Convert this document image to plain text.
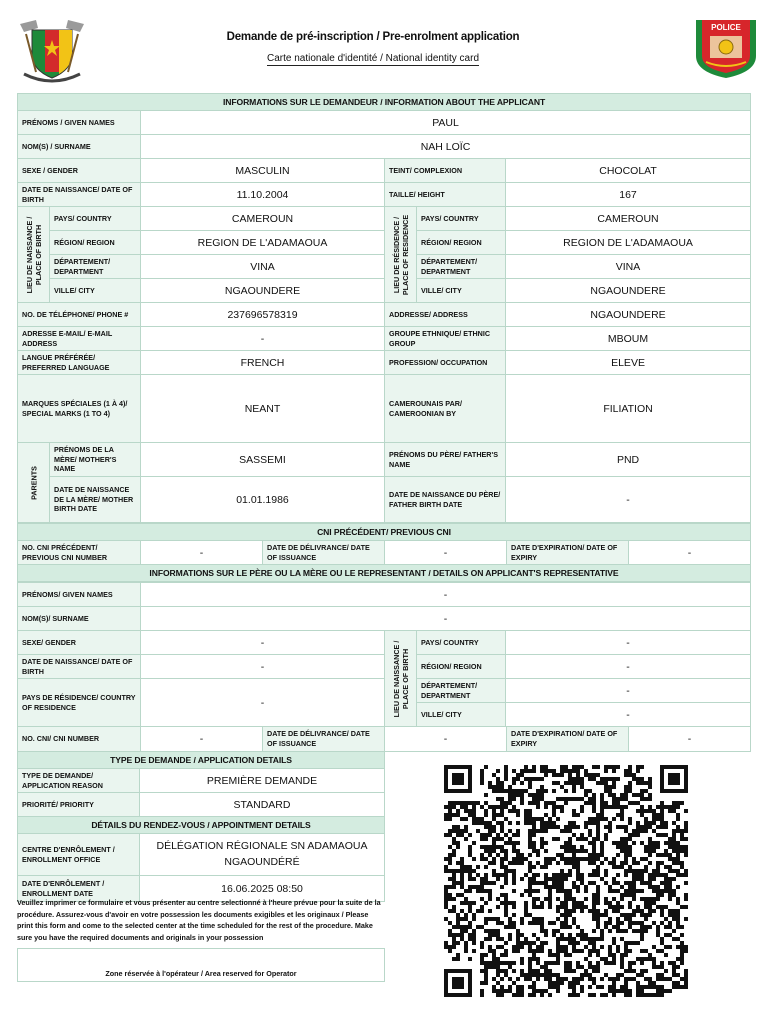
Demande de pré-inscription / Pre-enrolment application
Carte nationale d'identité / National identity card
POLICE
INFORMATIONS SUR LE DEMANDEUR / INFORMATION ABOUT THE APPLICANT					
PRÉNOMS / GIVEN NAMES		PAUL			
NOM(S) / SURNAME		NAH LOÏC			
SEXE / GENDER		MASCULIN	TEINT/ COMPLEXION		CHOCOLAT
DATE DE NAISSANCE/ DATE OF BIRTH		11.10.2004	TAILLE/ HEIGHT		167

LIEU DE NAISSANCE / PLACE OF BIRTH	PAYS/ COUNTRY	CAMEROUN	LIEU DE RÉSIDENCE / PLACE OF RESIDENCE	PAYS/ COUNTRY	CAMEROUN
	RÉGION/ REGION	REGION DE L'ADAMAOUA		RÉGION/ REGION	REGION DE L'ADAMAOUA
	DÉPARTEMENT/ DEPARTMENT	VINA		DÉPARTEMENT/ DEPARTMENT	VINA
	VILLE/ CITY	NGAOUNDERE		VILLE/ CITY	NGAOUNDERE
NO. DE TÉLÉPHONE/ PHONE #		237696578319	ADDRESSE/ ADDRESS		NGAOUNDERE
ADRESSE E-MAIL/ E-MAIL ADDRESS		-	GROUPE ETHNIQUE/ ETHNIC GROUP		MBOUM
LANGUE PRÉFÉRÉE/ PREFERRED LANGUAGE		FRENCH	PROFESSION/ OCCUPATION		ELEVE
MARQUES SPÉCIALES (1 À 4)/ SPECIAL MARKS (1 TO 4)		NEANT	CAMEROUNAIS PAR/ CAMEROONIAN BY		FILIATION

PARENTS	PRÉNOMS DE LA MÈRE/ MOTHER'S NAME	SASSEMI	PRÉNOMS DU PÈRE/ FATHER'S NAME		PND
	DATE DE NAISSANCE DE LA MÈRE/ MOTHER BIRTH DATE	01.01.1986	DATE DE NAISSANCE DU PÈRE/ FATHER BIRTH DATE		-
CNI PRÉCÉDENT/ PREVIOUS CNI
NO. CNI PRÉCÉDENT/ PREVIOUS CNI NUMBER	-	DATE DE DÉLIVRANCE/ DATE OF ISSUANCE	-	DATE D'EXPIRATION/ DATE OF EXPIRY	-
INFORMATIONS SUR LE PÈRE OU LA MÈRE OU LE REPRESENTANT / DETAILS ON APPLICANT'S REPRESENTATIVE
PRÉNOMS/ GIVEN NAMES	-			
NOM(S)/ SURNAME	-			
SEXE/ GENDER	-	LIEU DE NAISSANCE / PLACE OF BIRTH	PAYS/ COUNTRY	-
DATE DE NAISSANCE/ DATE OF BIRTH	-		RÉGION/ REGION	-
PAYS DE RÉSIDENCE/ COUNTRY OF RESIDENCE	-		DÉPARTEMENT/ DEPARTMENT	-
			VILLE/ CITY	-
NO. CNI/ CNI NUMBER	-	DATE DE DÉLIVRANCE/ DATE OF ISSUANCE	-	DATE D'EXPIRATION/ DATE OF EXPIRY	-
TYPE DE DEMANDE / APPLICATION DETAILS	
TYPE DE DEMANDE/ APPLICATION REASON	PREMIÈRE DEMANDE
PRIORITÉ/ PRIORITY	STANDARD
DÉTAILS DU RENDEZ-VOUS / APPOINTMENT DETAILS	
CENTRE D'ENRÔLEMENT / ENROLLMENT OFFICE	DÉLÉGATION RÉGIONALE SN ADAMAOUA NGAOUNDÉRÉ
DATE D'ENRÔLEMENT / ENROLLMENT DATE	16.06.2025 08:50
Veuillez imprimer ce formulaire et vous présenter au centre selectionné à l'heure prévue pour la suite de la procédure. Assurez-vous d'avoir en votre possession les documents exigibles et les originaux / Please print this form and come to the selected center at the time scheduled for the rest of the procedure. Make sure you have the required documents and originals in your possession
Zone réservée à l'opérateur / Area reserved for Operator
